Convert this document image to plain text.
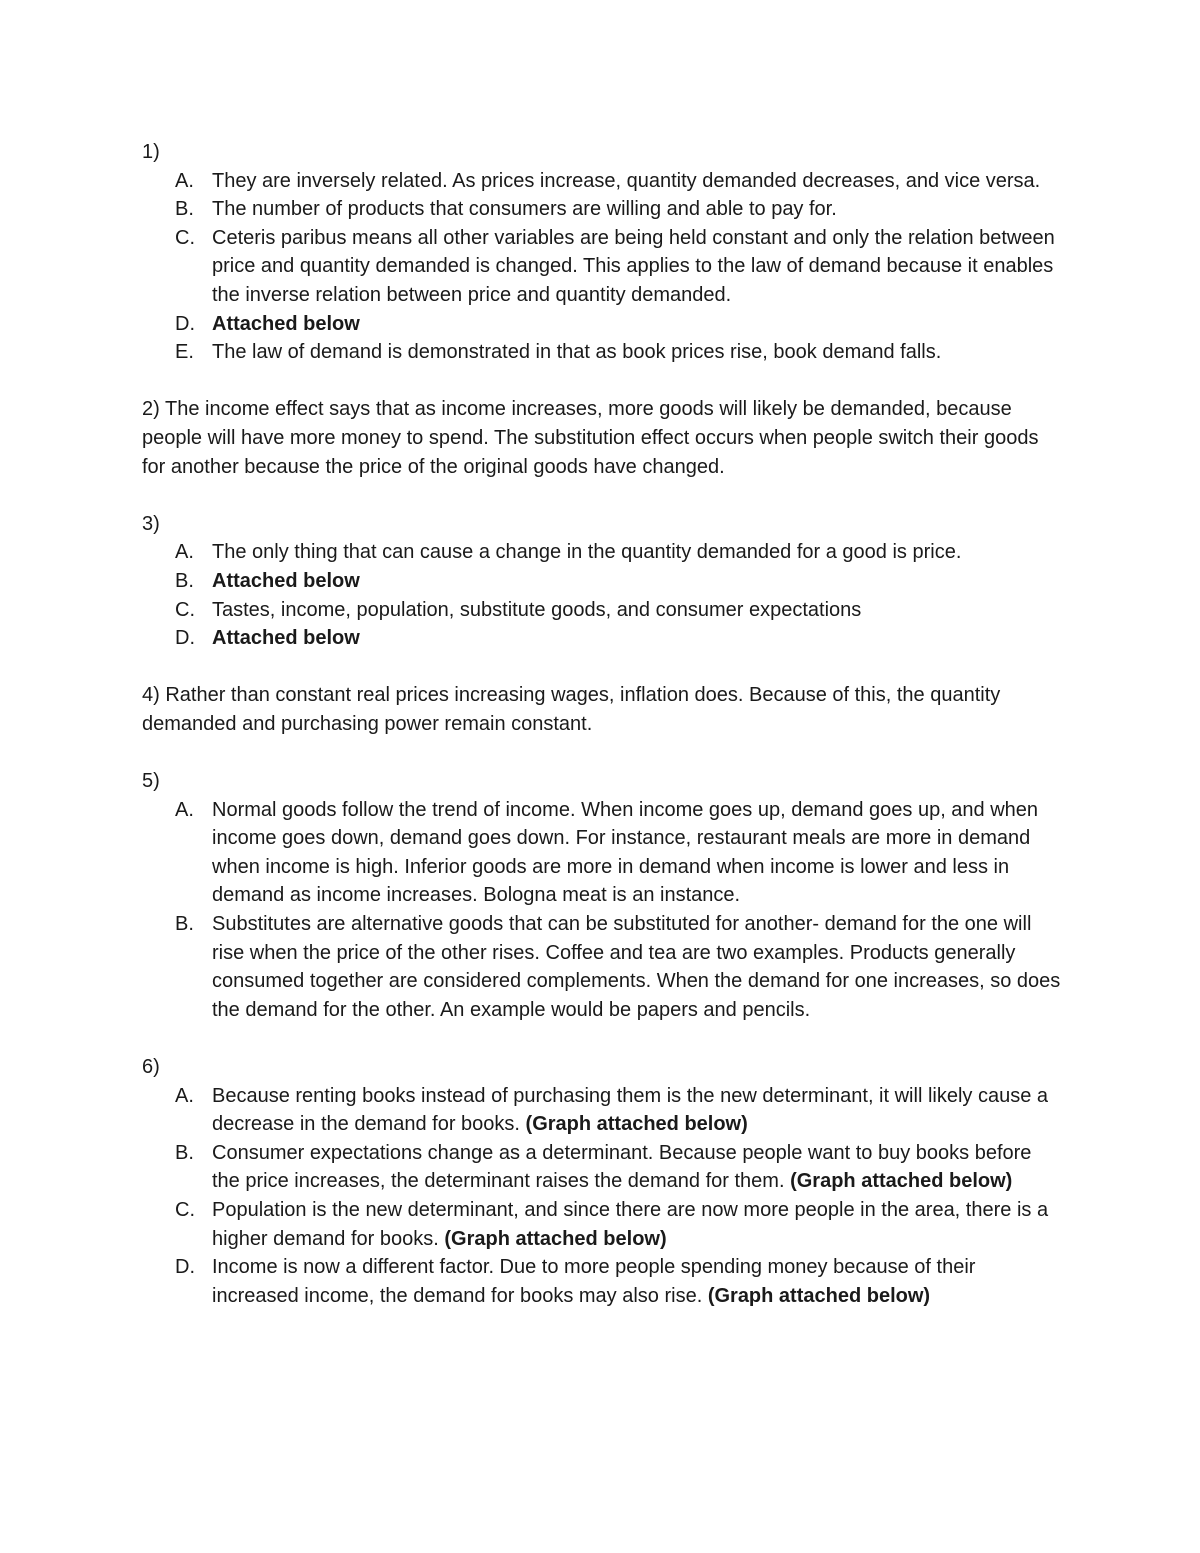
1)

A. They are inversely related. As prices increase, quantity demanded decreases, and vice versa.
B. The number of products that consumers are willing and able to pay for.
C. Ceteris paribus means all other variables are being held constant and only the relation between price and quantity demanded is changed. This applies to the law of demand because it enables the inverse relation between price and quantity demanded.
D. Attached below
E. The law of demand is demonstrated in that as book prices rise, book demand falls.

2) The income effect says that as income increases, more goods will likely be demanded, because people will have more money to spend. The substitution effect occurs when people switch their goods for another because the price of the original goods have changed.

3)

A. The only thing that can cause a change in the quantity demanded for a good is price.
B. Attached below
C. Tastes, income, population, substitute goods, and consumer expectations
D. Attached below

4) Rather than constant real prices increasing wages, inflation does. Because of this, the quantity demanded and purchasing power remain constant.

5)

A. Normal goods follow the trend of income. When income goes up, demand goes up, and when income goes down, demand goes down. For instance, restaurant meals are more in demand when income is high. Inferior goods are more in demand when income is lower and less in demand as income increases. Bologna meat is an instance.
B. Substitutes are alternative goods that can be substituted for another- demand for the one will rise when the price of the other rises. Coffee and tea are two examples. Products generally consumed together are considered complements. When the demand for one increases, so does the demand for the other. An example would be papers and pencils.

6)

A. Because renting books instead of purchasing them is the new determinant, it will likely cause a decrease in the demand for books. (Graph attached below)
B. Consumer expectations change as a determinant. Because people want to buy books before the price increases, the determinant raises the demand for them. (Graph attached below)
C. Population is the new determinant, and since there are now more people in the area, there is a higher demand for books. (Graph attached below)
D. Income is now a different factor. Due to more people spending money because of their increased income, the demand for books may also rise. (Graph attached below)
